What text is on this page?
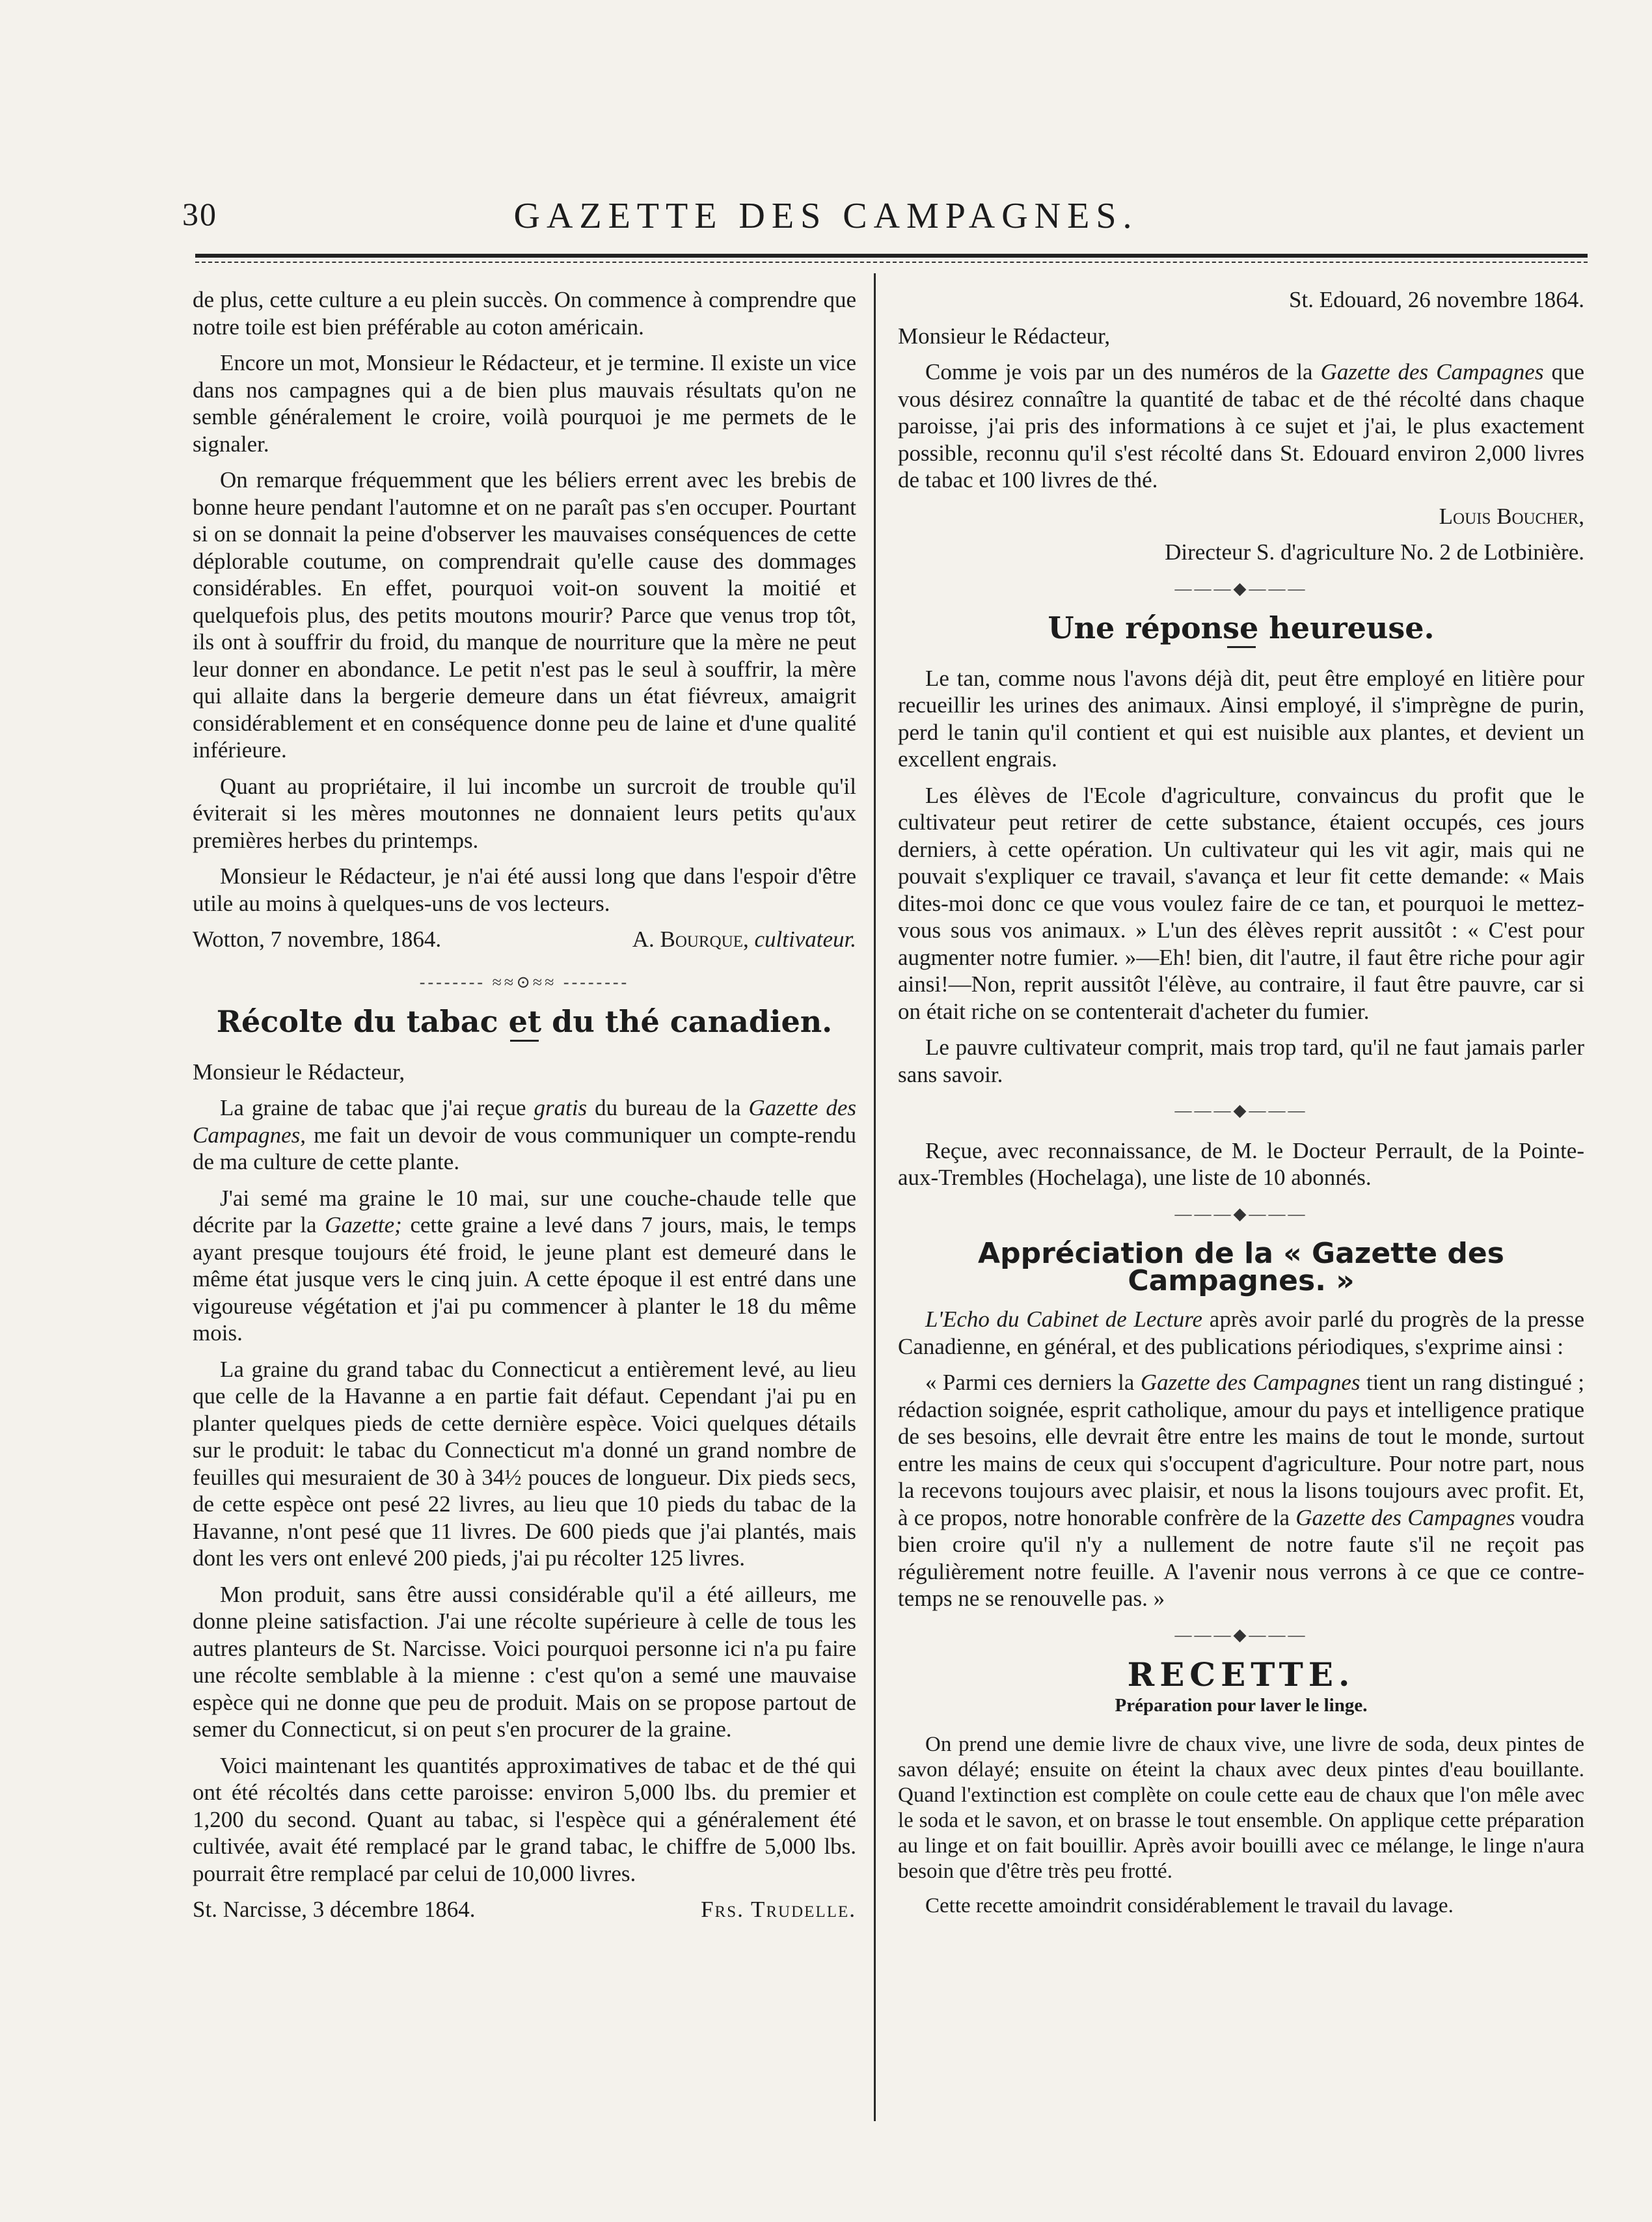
30	GAZETTE DES CAMPAGNES.

de plus, cette culture a eu plein succès. On commence à comprendre que notre toile est bien préférable au coton américain.

Encore un mot, Monsieur le Rédacteur, et je termine. Il existe un vice dans nos campagnes qui a de bien plus mauvais résultats qu'on ne semble généralement le croire, voilà pourquoi je me permets de le signaler.

On remarque fréquemment que les béliers errent avec les brebis de bonne heure pendant l'automne et on ne paraît pas s'en occuper. Pourtant si on se donnait la peine d'observer les mauvaises conséquences de cette déplorable coutume, on comprendrait qu'elle cause des dommages considérables. En effet, pourquoi voit-on souvent la moitié et quelquefois plus, des petits moutons mourir? Parce que venus trop tôt, ils ont à souffrir du froid, du manque de nourriture que la mère ne peut leur donner en abondance. Le petit n'est pas le seul à souffrir, la mère qui allaite dans la bergerie demeure dans un état fiévreux, amaigrit considérablement et en conséquence donne peu de laine et d'une qualité inférieure.

Quant au propriétaire, il lui incombe un surcroit de trouble qu'il éviterait si les mères moutonnes ne donnaient leurs petits qu'aux premières herbes du printemps.

Monsieur le Rédacteur, je n'ai été aussi long que dans l'espoir d'être utile au moins à quelques-uns de vos lecteurs.

Wotton, 7 novembre, 1864.	A. Bourque, cultivateur.
-------- ≈≈⊙≈≈ --------
Récolte du tabac et du thé canadien.

Monsieur le Rédacteur,

La graine de tabac que j'ai reçue gratis du bureau de la Gazette des Campagnes, me fait un devoir de vous communiquer un compte-rendu de ma culture de cette plante.

J'ai semé ma graine le 10 mai, sur une couche-chaude telle que décrite par la Gazette; cette graine a levé dans 7 jours, mais, le temps ayant presque toujours été froid, le jeune plant est demeuré dans le même état jusque vers le cinq juin. A cette époque il est entré dans une vigoureuse végétation et j'ai pu commencer à planter le 18 du même mois.

La graine du grand tabac du Connecticut a entièrement levé, au lieu que celle de la Havanne a en partie fait défaut. Cependant j'ai pu en planter quelques pieds de cette dernière espèce. Voici quelques détails sur le produit: le tabac du Connecticut m'a donné un grand nombre de feuilles qui mesuraient de 30 à 34½ pouces de longueur. Dix pieds secs, de cette espèce ont pesé 22 livres, au lieu que 10 pieds du tabac de la Havanne, n'ont pesé que 11 livres. De 600 pieds que j'ai plantés, mais dont les vers ont enlevé 200 pieds, j'ai pu récolter 125 livres.

Mon produit, sans être aussi considérable qu'il a été ailleurs, me donne pleine satisfaction. J'ai une récolte supérieure à celle de tous les autres planteurs de St. Narcisse. Voici pourquoi personne ici n'a pu faire une récolte semblable à la mienne : c'est qu'on a semé une mauvaise espèce qui ne donne que peu de produit. Mais on se propose partout de semer du Connecticut, si on peut s'en procurer de la graine.

Voici maintenant les quantités approximatives de tabac et de thé qui ont été récoltés dans cette paroisse: environ 5,000 lbs. du premier et 1,200 du second. Quant au tabac, si l'espèce qui a généralement été cultivée, avait été remplacé par le grand tabac, le chiffre de 5,000 lbs. pourrait être remplacé par celui de 10,000 livres.

St. Narcisse, 3 décembre 1864.	Frs. Trudelle.

St. Edouard, 26 novembre 1864.

Monsieur le Rédacteur,

Comme je vois par un des numéros de la Gazette des Campagnes que vous désirez connaître la quantité de tabac et de thé récolté dans chaque paroisse, j'ai pris des informations à ce sujet et j'ai, le plus exactement possible, reconnu qu'il s'est récolté dans St. Edouard environ 2,000 livres de tabac et 100 livres de thé.

Louis Boucher,

Directeur S. d'agriculture No. 2 de Lotbinière.

———◆———
Une réponse heureuse.

Le tan, comme nous l'avons déjà dit, peut être employé en litière pour recueillir les urines des animaux. Ainsi employé, il s'imprègne de purin, perd le tanin qu'il contient et qui est nuisible aux plantes, et devient un excellent engrais.

Les élèves de l'Ecole d'agriculture, convaincus du profit que le cultivateur peut retirer de cette substance, étaient occupés, ces jours derniers, à cette opération. Un cultivateur qui les vit agir, mais qui ne pouvait s'expliquer ce travail, s'avança et leur fit cette demande: « Mais dites-moi donc ce que vous voulez faire de ce tan, et pourquoi le mettez-vous sous vos animaux. » L'un des élèves reprit aussitôt : « C'est pour augmenter notre fumier. »—Eh! bien, dit l'autre, il faut être riche pour agir ainsi!—Non, reprit aussitôt l'élève, au contraire, il faut être pauvre, car si on était riche on se contenterait d'acheter du fumier.

Le pauvre cultivateur comprit, mais trop tard, qu'il ne faut jamais parler sans savoir.

———◆———

Reçue, avec reconnaissance, de M. le Docteur Perrault, de la Pointe-aux-Trembles (Hochelaga), une liste de 10 abonnés.

———◆———
Appréciation de la « Gazette des Campagnes. »

L'Echo du Cabinet de Lecture après avoir parlé du progrès de la presse Canadienne, en général, et des publications périodiques, s'exprime ainsi :

« Parmi ces derniers la Gazette des Campagnes tient un rang distingué ; rédaction soignée, esprit catholique, amour du pays et intelligence pratique de ses besoins, elle devrait être entre les mains de tout le monde, surtout entre les mains de ceux qui s'occupent d'agriculture. Pour notre part, nous la recevons toujours avec plaisir, et nous la lisons toujours avec profit. Et, à ce propos, notre honorable confrère de la Gazette des Campagnes voudra bien croire qu'il n'y a nullement de notre faute s'il ne reçoit pas régulièrement notre feuille. A l'avenir nous verrons à ce que ce contre-temps ne se renouvelle pas. »

———◆———
RECETTE.
Préparation pour laver le linge.

On prend une demie livre de chaux vive, une livre de soda, deux pintes de savon délayé; ensuite on éteint la chaux avec deux pintes d'eau bouillante. Quand l'extinction est complète on coule cette eau de chaux que l'on mêle avec le soda et le savon, et on brasse le tout ensemble. On applique cette préparation au linge et on fait bouillir. Après avoir bouilli avec ce mélange, le linge n'aura besoin que d'être très peu frotté.

Cette recette amoindrit considérablement le travail du lavage.
